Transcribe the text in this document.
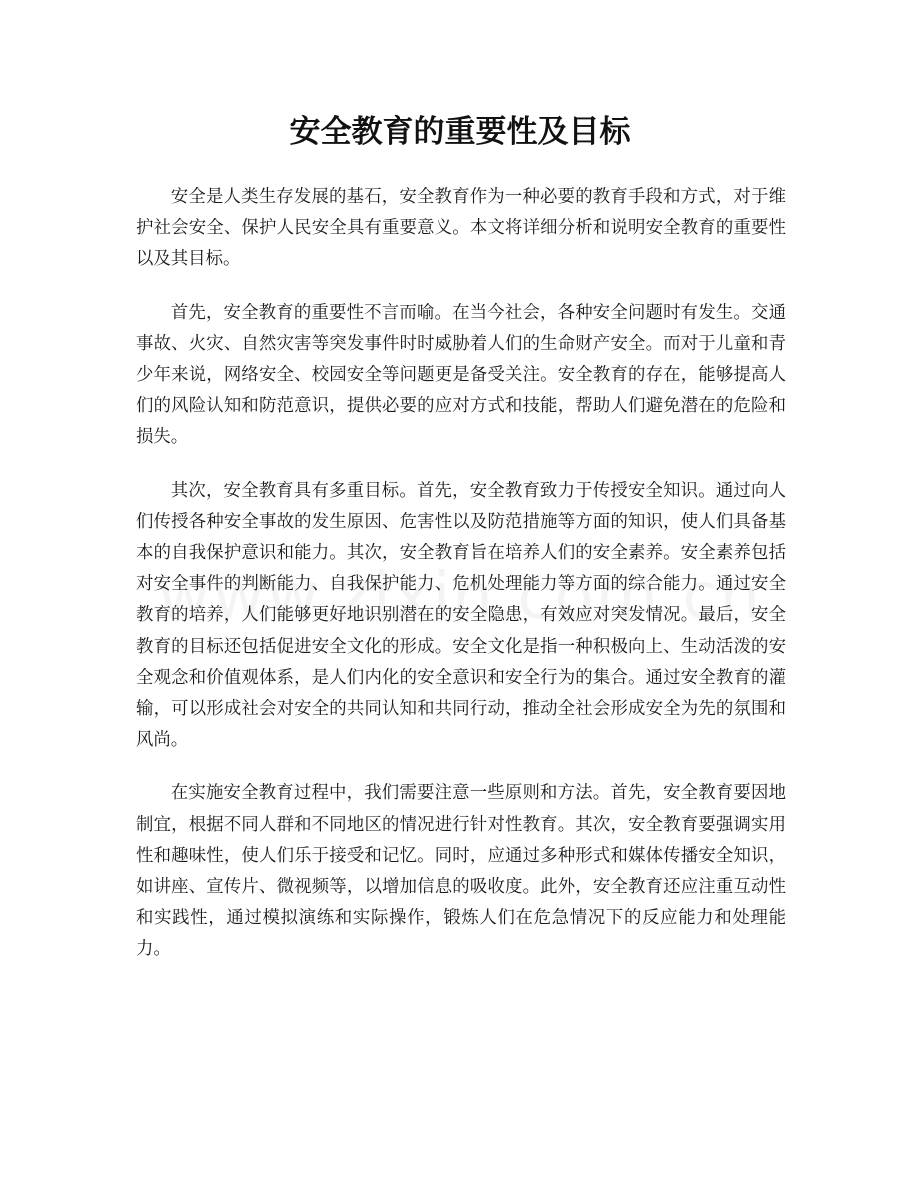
安全教育的重要性及目标

安全是人类生存发展的基石，安全教育作为一种必要的教育手段和方式，对于维护社会安全、保护人民安全具有重要意义。本文将详细分析和说明安全教育的重要性以及其目标。

首先，安全教育的重要性不言而喻。在当今社会，各种安全问题时有发生。交通事故、火灾、自然灾害等突发事件时时威胁着人们的生命财产安全。而对于儿童和青少年来说，网络安全、校园安全等问题更是备受关注。安全教育的存在，能够提高人们的风险认知和防范意识，提供必要的应对方式和技能，帮助人们避免潜在的危险和损失。

其次，安全教育具有多重目标。首先，安全教育致力于传授安全知识。通过向人们传授各种安全事故的发生原因、危害性以及防范措施等方面的知识，使人们具备基本的自我保护意识和能力。其次，安全教育旨在培养人们的安全素养。安全素养包括对安全事件的判断能力、自我保护能力、危机处理能力等方面的综合能力。通过安全教育的培养，人们能够更好地识别潜在的安全隐患，有效应对突发情况。最后，安全教育的目标还包括促进安全文化的形成。安全文化是指一种积极向上、生动活泼的安全观念和价值观体系，是人们内化的安全意识和安全行为的集合。通过安全教育的灌输，可以形成社会对安全的共同认知和共同行动，推动全社会形成安全为先的氛围和风尚。

在实施安全教育过程中，我们需要注意一些原则和方法。首先，安全教育要因地制宜，根据不同人群和不同地区的情况进行针对性教育。其次，安全教育要强调实用性和趣味性，使人们乐于接受和记忆。同时，应通过多种形式和媒体传播安全知识，如讲座、宣传片、微视频等，以增加信息的吸收度。此外，安全教育还应注重互动性和实践性，通过模拟演练和实际操作，锻炼人们在危急情况下的反应能力和处理能力。
